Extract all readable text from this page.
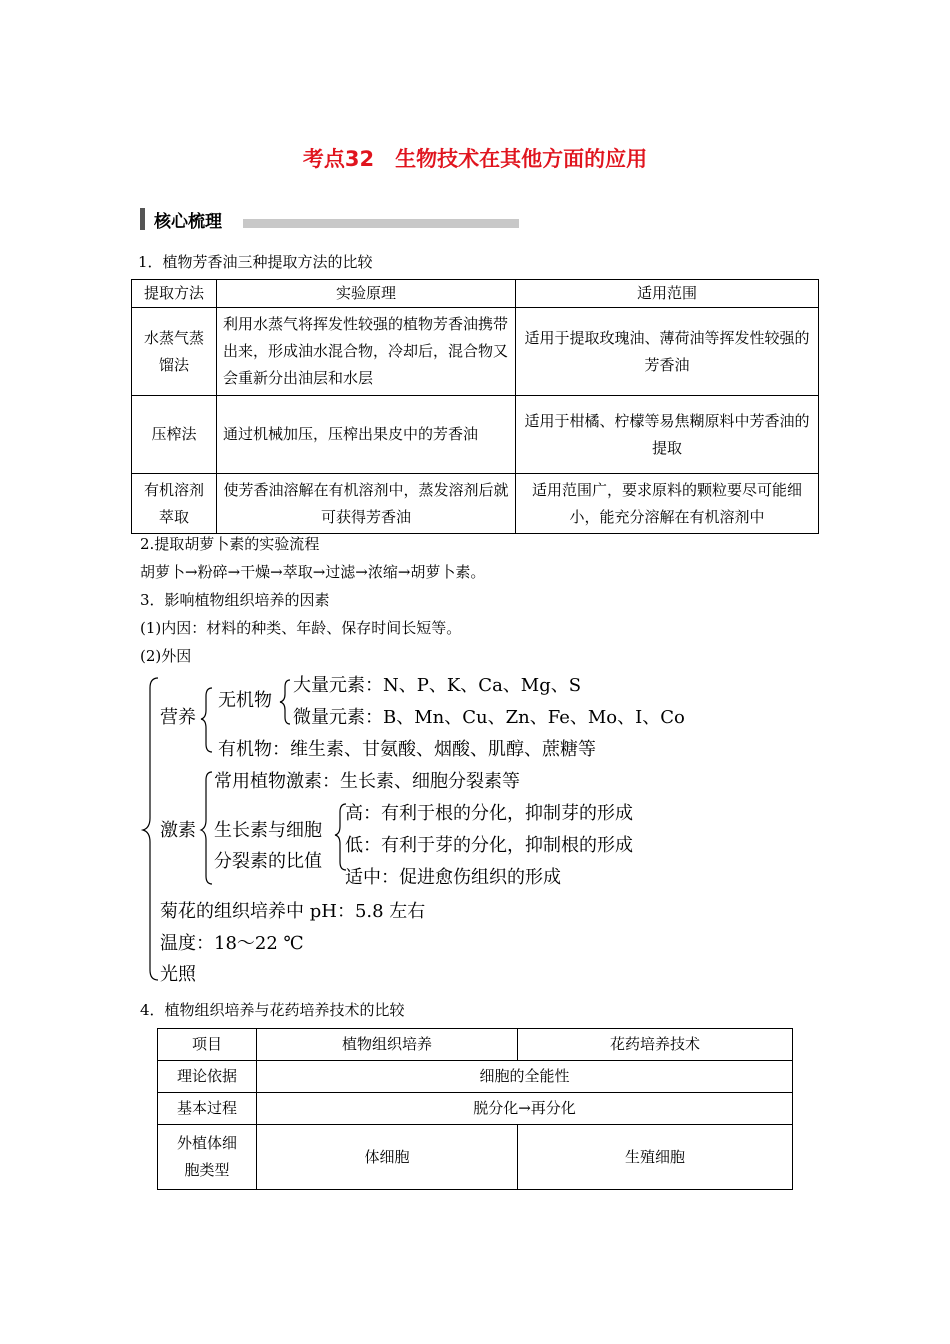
考点32　生物技术在其他方面的应用
核心梳理
1．植物芳香油三种提取方法的比较
提取方法	实验原理	适用范围
水蒸气蒸馏法	利用水蒸气将挥发性较强的植物芳香油携带出来，形成油水混合物，冷却后，混合物又会重新分出油层和水层	适用于提取玫瑰油、薄荷油等挥发性较强的芳香油
压榨法	通过机械加压，压榨出果皮中的芳香油	适用于柑橘、柠檬等易焦糊原料中芳香油的提取
有机溶剂萃取	使芳香油溶解在有机溶剂中，蒸发溶剂后就可获得芳香油	适用范围广，要求原料的颗粒要尽可能细小，能充分溶解在有机溶剂中
2.提取胡萝卜素的实验流程
胡萝卜→粉碎→干燥→萃取→过滤→浓缩→胡萝卜素。
3．影响植物组织培养的因素
(1)内因：材料的种类、年龄、保存时间长短等。
(2)外因
营养
无机物
大量元素：N、P、K、Ca、Mg、S
微量元素：B、Mn、Cu、Zn、Fe、Mo、I、Co
有机物：维生素、甘氨酸、烟酸、肌醇、蔗糖等
激素
常用植物激素：生长素、细胞分裂素等
生长素与细胞
分裂素的比值
高：有利于根的分化，抑制芽的形成
低：有利于芽的分化，抑制根的形成
适中：促进愈伤组织的形成
菊花的组织培养中 pH：5.8 左右
温度：18～22 ℃
光照
4．植物组织培养与花药培养技术的比较
项目	植物组织培养	花药培养技术
理论依据	细胞的全能性	
基本过程	脱分化→再分化	
外植体细胞类型	体细胞	生殖细胞
